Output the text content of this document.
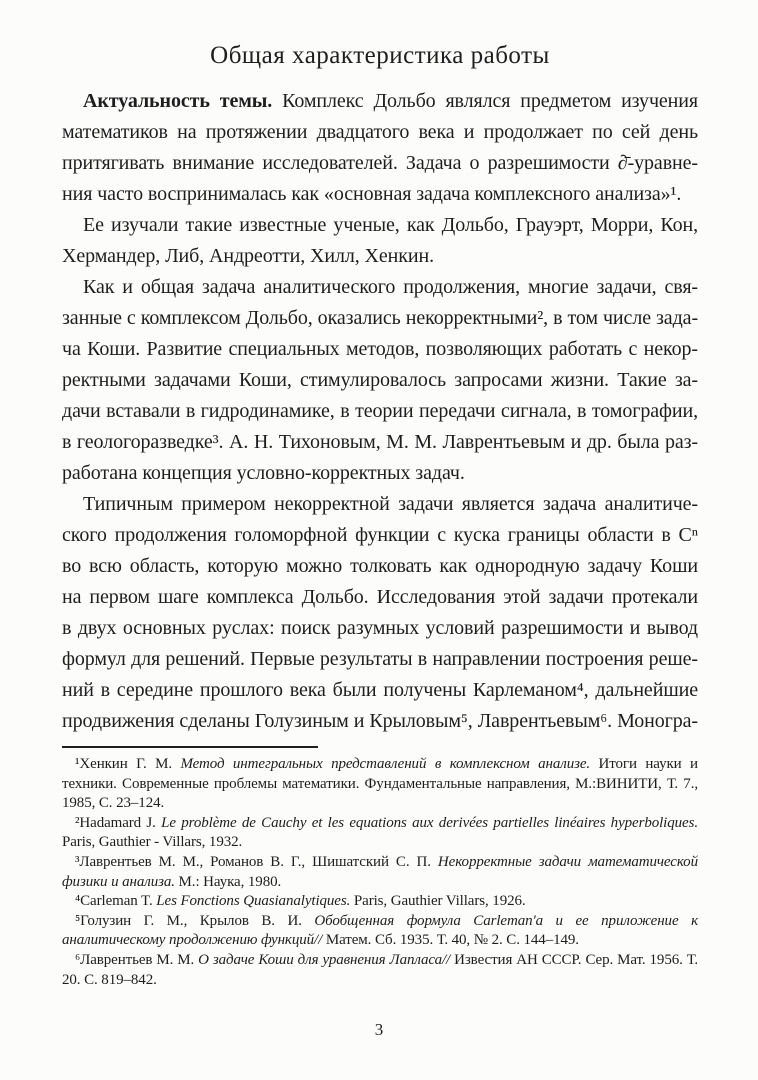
Общая характеристика работы
Актуальность темы. Комплекс Дольбо являлся предметом изучения
математиков на протяжении двадцатого века и продолжает по сей день
притягивать внимание исследователей. Задача о разрешимости ∂̄-уравне-
ния часто воспринималась как «основная задача комплексного анализа»¹.
Ее изучали такие известные ученые, как Дольбо, Грауэрт, Морри, Кон,
Хермандер, Либ, Андреотти, Хилл, Хенкин.
Как и общая задача аналитического продолжения, многие задачи, свя-
занные с комплексом Дольбо, оказались некорректными², в том числе зада-
ча Коши. Развитие специальных методов, позволяющих работать с некор-
ректными задачами Коши, стимулировалось запросами жизни. Такие за-
дачи вставали в гидродинамике, в теории передачи сигнала, в томографии,
в геологоразведке³. А. Н. Тихоновым, М. М. Лаврентьевым и др. была раз-
работана концепция условно-корректных задач.
Типичным примером некорректной задачи является задача аналитиче-
ского продолжения голоморфной функции с куска границы области в Cⁿ
во всю область, которую можно толковать как однородную задачу Коши
на первом шаге комплекса Дольбо. Исследования этой задачи протекали
в двух основных руслах: поиск разумных условий разрешимости и вывод
формул для решений. Первые результаты в направлении построения реше-
ний в середине прошлого века были получены Карлеманом⁴, дальнейшие
продвижения сделаны Голузиным и Крыловым⁵, Лаврентьевым⁶. Моногра-

¹Хенкин Г. М. Метод интегральных представлений в комплексном анализе. Итоги науки и техники. Современные проблемы математики. Фундаментальные направления, М.:ВИНИТИ, Т. 7., 1985, С. 23–124.

²Hadamard J. Le problème de Cauchy et les equations aux derivées partielles linéaires hyperboliques. Paris, Gauthier - Villars, 1932.

³Лаврентьев М. М., Романов В. Г., Шишатский С. П. Некорректные задачи математической физики и анализа. М.: Наука, 1980.

⁴Carleman T. Les Fonctions Quasianalytiques. Paris, Gauthier Villars, 1926.

⁵Голузин Г. М., Крылов В. И. Обобщенная формула Carleman'a и ее приложение к аналитическому продолжению функций// Матем. Сб. 1935. Т. 40, № 2. С. 144–149.

⁶Лаврентьев М. М. О задаче Коши для уравнения Лапласа// Известия АН СССР. Сер. Мат. 1956. Т. 20. С. 819–842.

3
